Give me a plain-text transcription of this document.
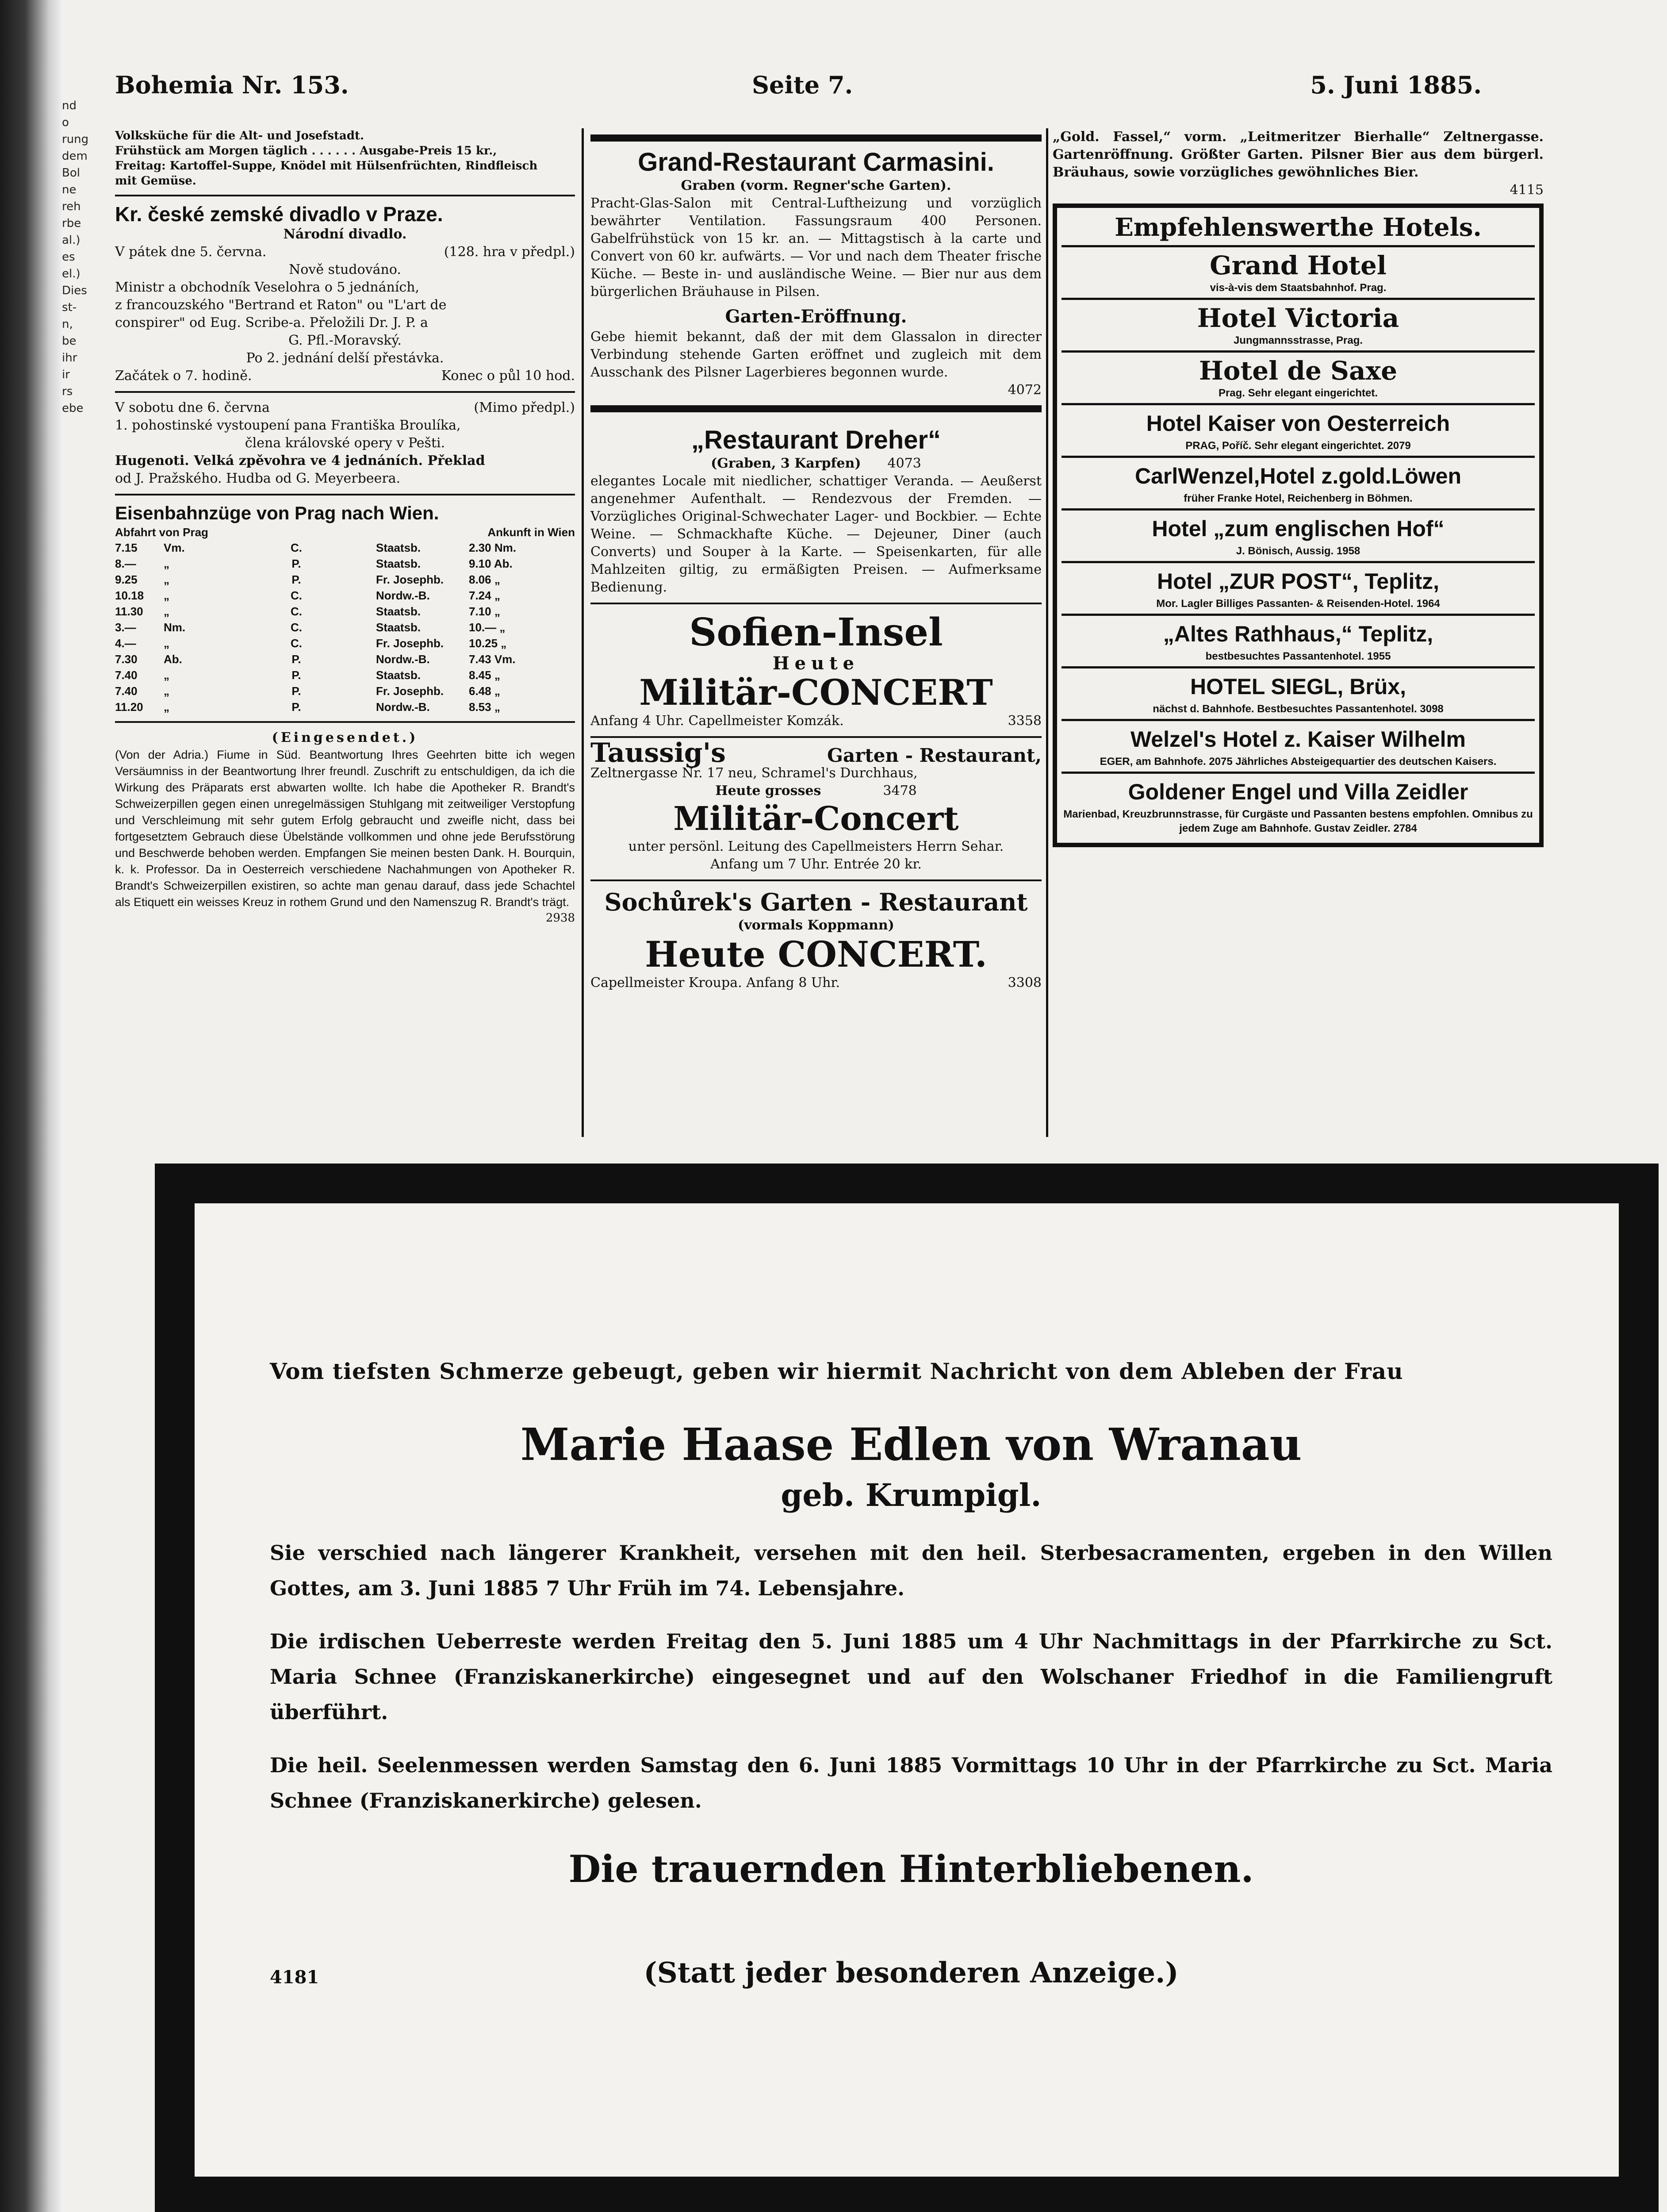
nd
o
rung
dem
Bol
ne
reh
rbe
al.)
es
el.)
Dies
st-
n,
be
ihr
ir
rs
ebe
Bohemia Nr. 153.	Seite 7.	5. Juni 1885.
Volksküche für die Alt- und Josefstadt.
Frühstück am Morgen täglich . . . . . . Ausgabe-Preis 15 kr.,
Freitag: Kartoffel-Suppe, Knödel mit Hülsenfrüchten, Rindfleisch
mit Gemüse.
Kr. české zemské divadlo v Praze.
Národní divadlo.
V pátek dne 5. června.	(128. hra v předpl.)
Nově studováno.
Ministr a obchodník Veselohra o 5 jednáních,
z francouzského "Bertrand et Raton" ou "L'art de
conspirer" od Eug. Scribe-a. Přeložili Dr. J. P. a
G. Pfl.-Moravský.
Po 2. jednání delší přestávka.
Začátek o 7. hodině.	Konec o půl 10 hod.
V sobotu dne 6. června	(Mimo předpl.)
1. pohostinské vystoupení pana Františka Broulíka,
člena královské opery v Pešti.
Hugenoti. Velká zpěvohra ve 4 jednáních. Překlad
od J. Pražského. Hudba od G. Meyerbeera.
Eisenbahnzüge von Prag nach Wien.
Abfahrt von Prag	Ankunft in Wien
7.15	Vm.	C.	Staatsb.	2.30 Nm.
8.—	„	P.	Staatsb.	9.10 Ab.
9.25	„	P.	Fr. Josephb.	8.06 „
10.18	„	C.	Nordw.-B.	7.24 „
11.30	„	C.	Staatsb.	7.10 „
3.—	Nm.	C.	Staatsb.	10.— „
4.—	„	C.	Fr. Josephb.	10.25 „
7.30	Ab.	P.	Nordw.-B.	7.43 Vm.
7.40	„	P.	Staatsb.	8.45 „
7.40	„	P.	Fr. Josephb.	6.48 „
11.20	„	P.	Nordw.-B.	8.53 „
(Eingesendet.)
(Von der Adria.) Fiume in Süd. Beantwortung Ihres Geehrten bitte ich wegen Versäumniss in der Beantwortung Ihrer freundl. Zuschrift zu entschuldigen, da ich die Wirkung des Präparats erst abwarten wollte. Ich habe die Apotheker R. Brandt's Schweizerpillen gegen einen unregelmässigen Stuhlgang mit zeitweiliger Verstopfung und Verschleimung mit sehr gutem Erfolg gebraucht und zweifle nicht, dass bei fortgesetztem Gebrauch diese Übelstände vollkommen und ohne jede Berufsstörung und Beschwerde behoben werden. Empfangen Sie meinen besten Dank. H. Bourquin, k. k. Professor. Da in Oesterreich verschiedene Nachahmungen von Apotheker R. Brandt's Schweizerpillen existiren, so achte man genau darauf, dass jede Schachtel als Etiquett ein weisses Kreuz in rothem Grund und den Namenszug R. Brandt's trägt.
2938
Grand-Restaurant Carmasini.
Graben (vorm. Regner'sche Garten).
Pracht-Glas-Salon mit Central-Luftheizung und vorzüglich bewährter Ventilation. Fassungsraum 400 Personen. Gabelfrühstück von 15 kr. an. — Mittagstisch à la carte und Convert von 60 kr. aufwärts. — Vor und nach dem Theater frische Küche. — Beste in- und ausländische Weine. — Bier nur aus dem bürgerlichen Bräuhause in Pilsen.
Garten-Eröffnung.
Gebe hiemit bekannt, daß der mit dem Glassalon in directer Verbindung stehende Garten eröffnet und zugleich mit dem Ausschank des Pilsner Lagerbieres begonnen wurde.
4072
„Restaurant Dreher“
(Graben, 3 Karpfen) 4073
elegantes Locale mit niedlicher, schattiger Veranda. — Aeußerst angenehmer Aufenthalt. — Rendezvous der Fremden. — Vorzügliches Original-Schwechater Lager- und Bockbier. — Echte Weine. — Schmackhafte Küche. — Dejeuner, Diner (auch Converts) und Souper à la Karte. — Speisenkarten, für alle Mahlzeiten giltig, zu ermäßigten Preisen. — Aufmerksame Bedienung.
Sofien-Insel
Heute
Militär-CONCERT
Anfang 4 Uhr. Capellmeister Komzák.	3358
Taussig's	Garten - Restaurant,
Zeltnergasse Nr. 17 neu, Schramel's Durchhaus,
Heute grosses	3478
Militär-Concert
unter persönl. Leitung des Capellmeisters Herrn Sehar.
Anfang um 7 Uhr. Entrée 20 kr.
Sochůrek's Garten - Restaurant
(vormals Koppmann)
Heute CONCERT.
Capellmeister Kroupa. Anfang 8 Uhr.	3308
„Gold. Fassel,“ vorm. „Leitmeritzer Bierhalle“ Zeltnergasse. Gartenröffnung. Größter Garten. Pilsner Bier aus dem bürgerl. Bräuhaus, sowie vorzügliches gewöhnliches Bier.
4115
Empfehlenswerthe Hotels.
Grand Hotel
vis-à-vis dem Staatsbahnhof. Prag.
Hotel Victoria
Jungmannsstrasse, Prag.
Hotel de Saxe
Prag. Sehr elegant eingerichtet.
Hotel Kaiser von Oesterreich
PRAG, Poříč. Sehr elegant eingerichtet. 2079
CarlWenzel,Hotel z.gold.Löwen
früher Franke Hotel, Reichenberg in Böhmen.
Hotel „zum englischen Hof“
J. Bönisch, Aussig. 1958
Hotel „ZUR POST“, Teplitz,
Mor. Lagler Billiges Passanten- & Reisenden-Hotel. 1964
„Altes Rathhaus,“ Teplitz,
bestbesuchtes Passantenhotel. 1955
HOTEL SIEGL, Brüx,
nächst d. Bahnhofe. Bestbesuchtes Passantenhotel. 3098
Welzel's Hotel z. Kaiser Wilhelm
EGER, am Bahnhofe. 2075 Jährliches Absteigequartier des deutschen Kaisers.
Goldener Engel und Villa Zeidler
Marienbad, Kreuzbrunnstrasse, für Curgäste und Passanten bestens empfohlen. Omnibus zu jedem Zuge am Bahnhofe. Gustav Zeidler. 2784
Vom tiefsten Schmerze gebeugt, geben wir hiermit Nachricht von dem Ableben der Frau
Marie Haase Edlen von Wranau
geb. Krumpigl.
Sie verschied nach längerer Krankheit, versehen mit den heil. Sterbesacramenten, ergeben in den Willen Gottes, am 3. Juni 1885 7 Uhr Früh im 74. Lebensjahre.
Die irdischen Ueberreste werden Freitag den 5. Juni 1885 um 4 Uhr Nachmittags in der Pfarrkirche zu Sct. Maria Schnee (Franziskanerkirche) eingesegnet und auf den Wolschaner Friedhof in die Familiengruft überführt.
Die heil. Seelenmessen werden Samstag den 6. Juni 1885 Vormittags 10 Uhr in der Pfarrkirche zu Sct. Maria Schnee (Franziskanerkirche) gelesen.
Die trauernden Hinterbliebenen.
4181	(Statt jeder besonderen Anzeige.)
